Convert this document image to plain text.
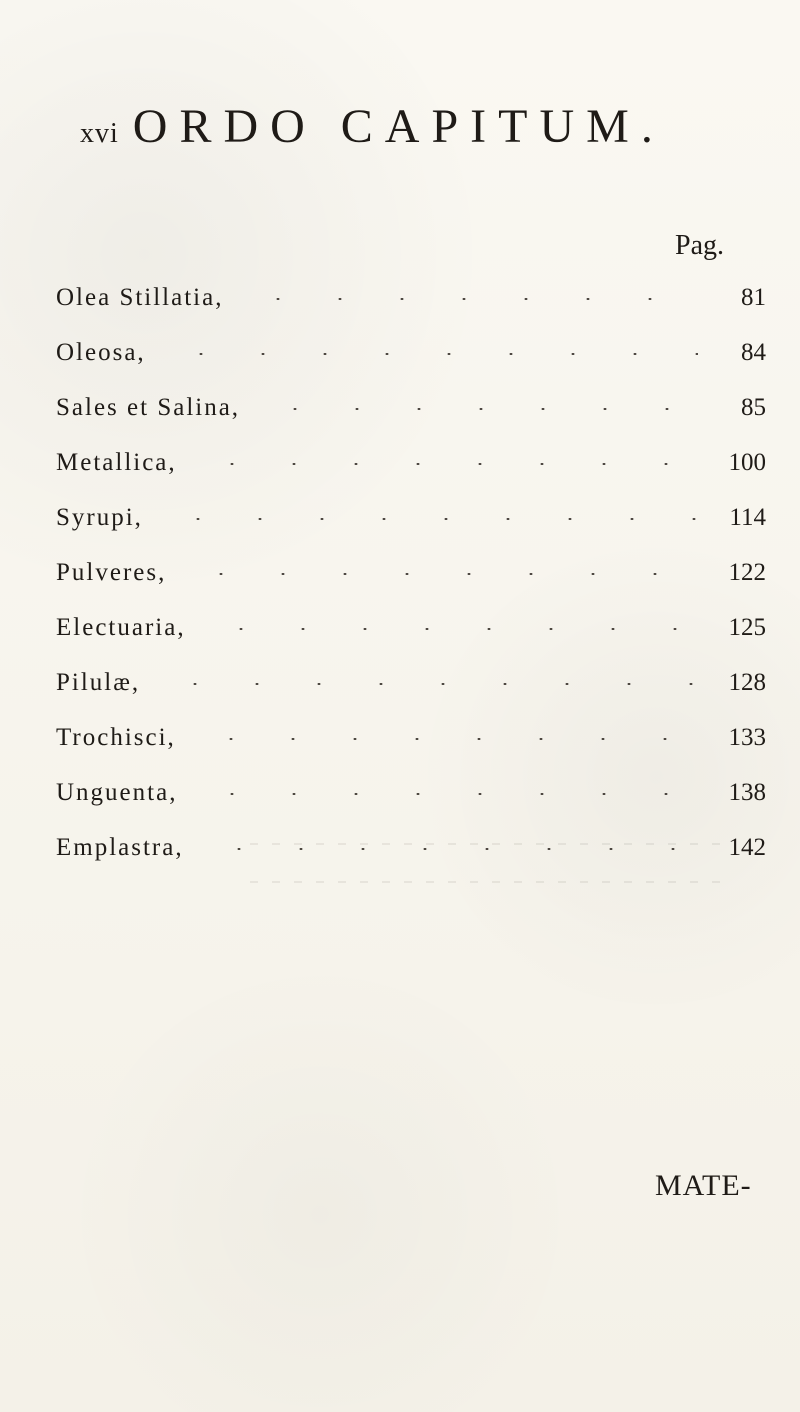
xvi ORDO CAPITUM.
Pag.
Olea Stillatia,	81
Oleosa,	84
Sales et Salina,	85
Metallica,	100
Syrupi,	114
Pulveres,	122
Electuaria,	125
Pilulæ,	128
Trochisci,	133
Unguenta,	138
Emplastra,	142
MATE-
